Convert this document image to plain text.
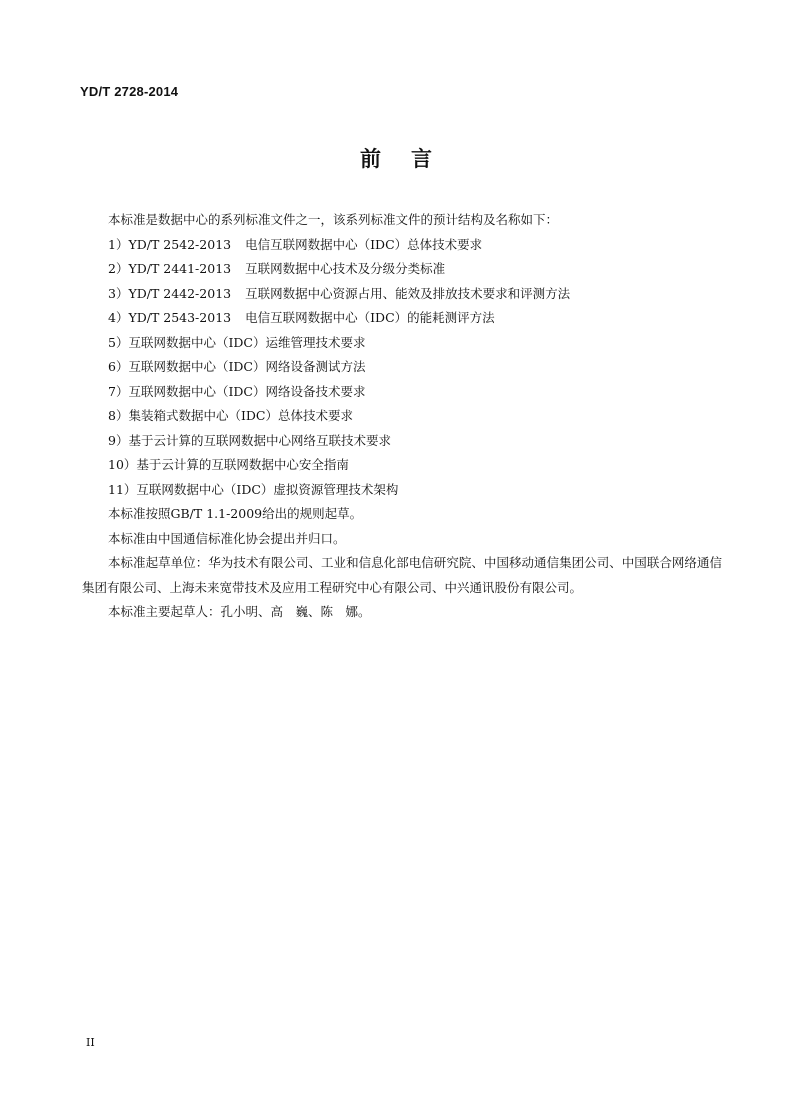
YD/T 2728-2014
前言

本标准是数据中心的系列标准文件之一，该系列标准文件的预计结构及名称如下：

1）YD/T 2542-2013 电信互联网数据中心（IDC）总体技术要求
2）YD/T 2441-2013 互联网数据中心技术及分级分类标准
3）YD/T 2442-2013 互联网数据中心资源占用、能效及排放技术要求和评测方法
4）YD/T 2543-2013 电信互联网数据中心（IDC）的能耗测评方法
5）互联网数据中心（IDC）运维管理技术要求
6）互联网数据中心（IDC）网络设备测试方法
7）互联网数据中心（IDC）网络设备技术要求
8）集装箱式数据中心（IDC）总体技术要求
9）基于云计算的互联网数据中心网络互联技术要求
10）基于云计算的互联网数据中心安全指南
11）互联网数据中心（IDC）虚拟资源管理技术架构

本标准按照GB/T 1.1-2009给出的规则起草。

本标准由中国通信标准化协会提出并归口。

本标准起草单位：华为技术有限公司、工业和信息化部电信研究院、中国移动通信集团公司、中国联合网络通信集团有限公司、上海未来宽带技术及应用工程研究中心有限公司、中兴通讯股份有限公司。

本标准主要起草人：孔小明、高　巍、陈　娜。

II
